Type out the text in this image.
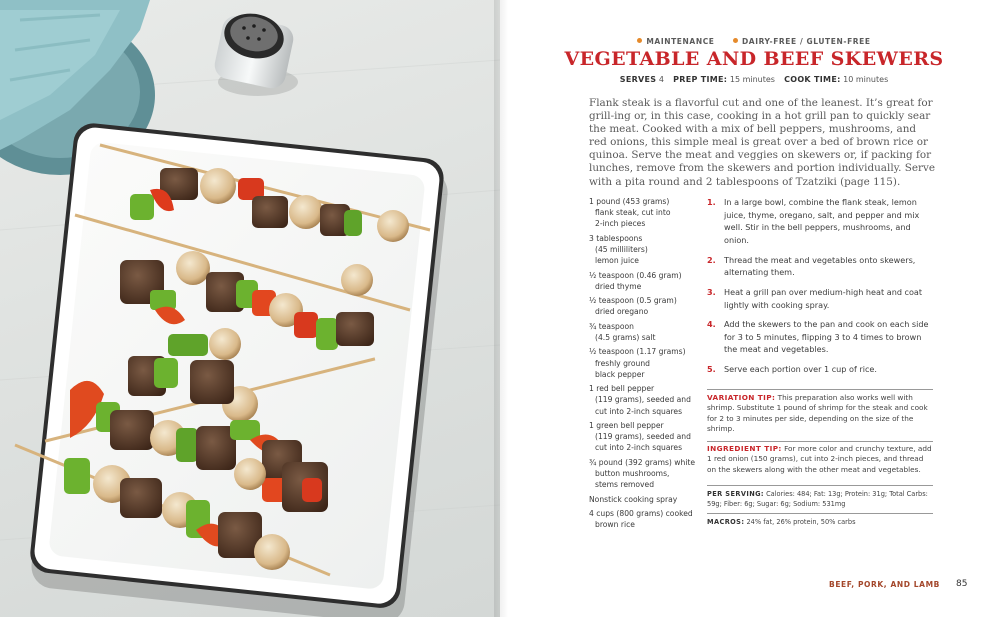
MAINTENANCE	DAIRY-FREE / GLUTEN-FREE
VEGETABLE AND BEEF SKEWERS
SERVES 4 PREP TIME: 15 minutes COOK TIME: 10 minutes
Flank steak is a flavorful cut and one of the leanest. It’s great for grill-ing or, in this case, cooking in a hot grill pan to quickly sear the meat. Cooked with a mix of bell peppers, mushrooms, and red onions, this simple meal is great over a bed of brown rice or quinoa. Serve the meat and veggies on skewers or, if packing for lunches, remove from the skewers and portion individually. Serve with a pita round and 2 tablespoons of Tzatziki (page 115).
1 pound (453 grams)
flank steak, cut into
2-inch pieces
3 tablespoons
(45 milliliters)
lemon juice
½ teaspoon (0.46 gram)
dried thyme
½ teaspoon (0.5 gram)
dried oregano
¾ teaspoon
(4.5 grams) salt
½ teaspoon (1.17 grams)
freshly ground
black pepper
1 red bell pepper
(119 grams), seeded and
cut into 2-inch squares
1 green bell pepper
(119 grams), seeded and
cut into 2-inch squares
¾ pound (392 grams) white
button mushrooms,
stems removed
Nonstick cooking spray
4 cups (800 grams) cooked
brown rice
1. In a large bowl, combine the flank steak, lemon juice, thyme, oregano, salt, and pepper and mix well. Stir in the bell peppers, mushrooms, and onion.
2. Thread the meat and vegetables onto skewers, alternating them.
3. Heat a grill pan over medium-high heat and coat lightly with cooking spray.
4. Add the skewers to the pan and cook on each side for 3 to 5 minutes, flipping 3 to 4 times to brown the meat and vegetables.
5. Serve each portion over 1 cup of rice.
VARIATION TIP: This preparation also works well with shrimp. Substitute 1 pound of shrimp for the steak and cook for 2 to 3 minutes per side, depending on the size of the shrimp.
INGREDIENT TIP: For more color and crunchy texture, add 1 red onion (150 grams), cut into 2-inch pieces, and thread on the skewers along with the other meat and vegetables.
PER SERVING: Calories: 484; Fat: 13g; Protein: 31g; Total Carbs: 59g; Fiber: 6g; Sugar: 6g; Sodium: 531mg
MACROS: 24% fat, 26% protein, 50% carbs
BEEF, PORK, AND LAMB 85
